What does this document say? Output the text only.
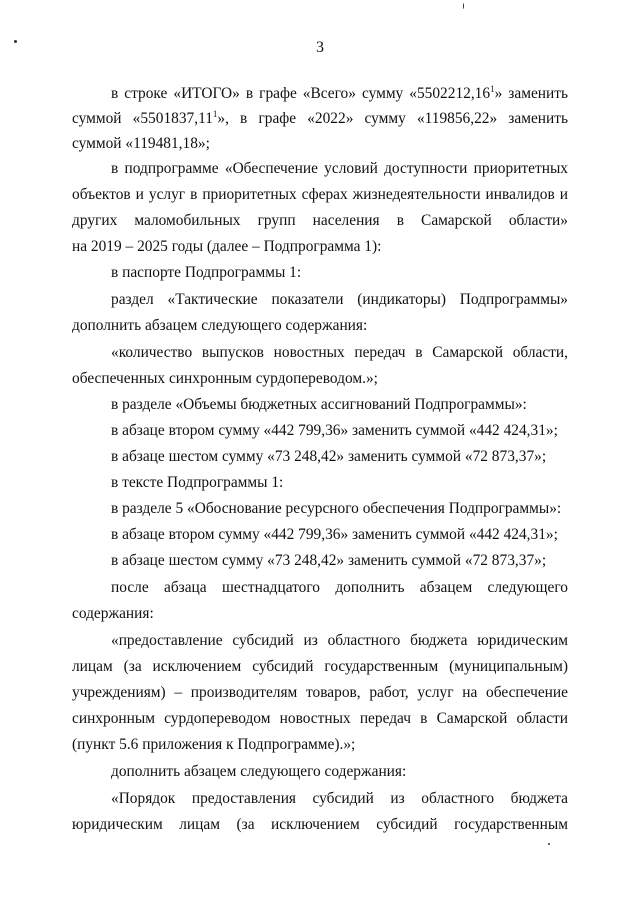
3
в строке «ИТОГО» в графе «Всего» сумму «5502212,16$^1$» заменить
суммой «5501837,11$^1$», в графе «2022» сумму «119856,22» заменить
суммой «119481,18»;
в подпрограмме «Обеспечение условий доступности приоритетных
объектов и услуг в приоритетных сферах жизнедеятельности инвалидов и
других маломобильных групп населения в Самарской области»
на 2019 – 2025 годы (далее – Подпрограмма 1):
в паспорте Подпрограммы 1:
раздел «Тактические показатели (индикаторы) Подпрограммы»
дополнить абзацем следующего содержания:
«количество выпусков новостных передач в Самарской области,
обеспеченных синхронным сурдопереводом.»;
в разделе «Объемы бюджетных ассигнований Подпрограммы»:
в абзаце втором сумму «442 799,36» заменить суммой «442 424,31»;
в абзаце шестом сумму «73 248,42» заменить суммой «72 873,37»;
в тексте Подпрограммы 1:
в разделе 5 «Обоснование ресурсного обеспечения Подпрограммы»:
в абзаце втором сумму «442 799,36» заменить суммой «442 424,31»;
в абзаце шестом сумму «73 248,42» заменить суммой «72 873,37»;
после абзаца шестнадцатого дополнить абзацем следующего
содержания:
«предоставление субсидий из областного бюджета юридическим
лицам (за исключением субсидий государственным (муниципальным)
учреждениям) – производителям товаров, работ, услуг на обеспечение
синхронным сурдопереводом новостных передач в Самарской области
(пункт 5.6 приложения к Подпрограмме).»;
дополнить абзацем следующего содержания:
«Порядок предоставления субсидий из областного бюджета
юридическим лицам (за исключением субсидий государственным
